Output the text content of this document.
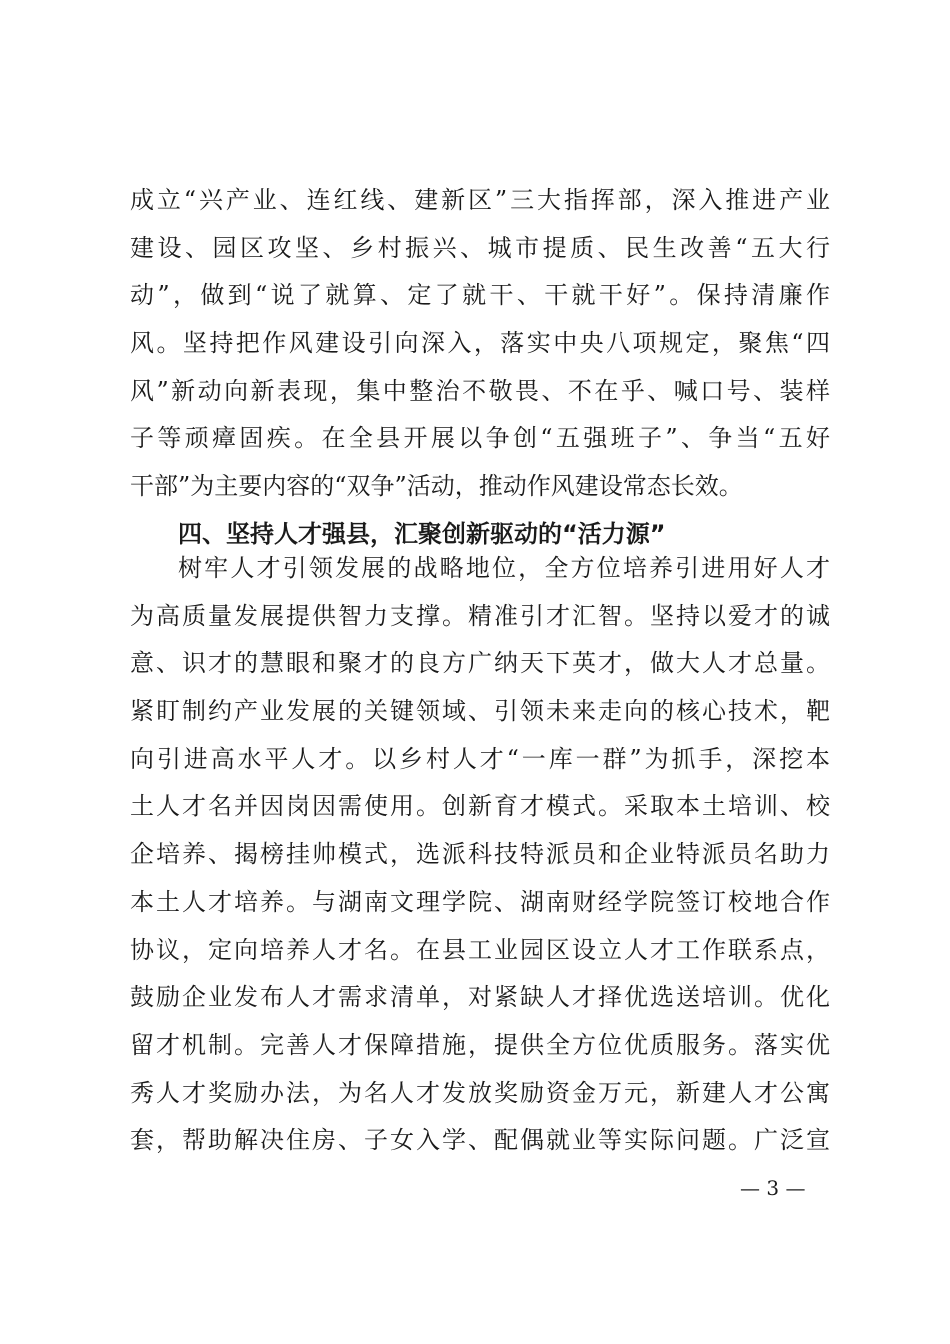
成立“兴产业、连红线、建新区”三大指挥部，深入推进产业
建设、园区攻坚、乡村振兴、城市提质、民生改善“五大行
动”，做到“说了就算、定了就干、干就干好”。保持清廉作
风。坚持把作风建设引向深入，落实中央八项规定，聚焦“四
风”新动向新表现，集中整治不敬畏、不在乎、喊口号、装样
子等顽瘴固疾。在全县开展以争创“五强班子”、争当“五好
干部”为主要内容的“双争”活动，推动作风建设常态长效。
四、坚持人才强县，汇聚创新驱动的“活力源”
树牢人才引领发展的战略地位，全方位培养引进用好人才
为高质量发展提供智力支撑。精准引才汇智。坚持以爱才的诚
意、识才的慧眼和聚才的良方广纳天下英才，做大人才总量。
紧盯制约产业发展的关键领域、引领未来走向的核心技术，靶
向引进高水平人才。以乡村人才“一库一群”为抓手，深挖本
土人才名并因岗因需使用。创新育才模式。采取本土培训、校
企培养、揭榜挂帅模式，选派科技特派员和企业特派员名助力
本土人才培养。与湖南文理学院、湖南财经学院签订校地合作
协议，定向培养人才名。在县工业园区设立人才工作联系点，
鼓励企业发布人才需求清单，对紧缺人才择优选送培训。优化
留才机制。完善人才保障措施，提供全方位优质服务。落实优
秀人才奖励办法，为名人才发放奖励资金万元，新建人才公寓
套，帮助解决住房、子女入学、配偶就业等实际问题。广泛宣
— 3 —
